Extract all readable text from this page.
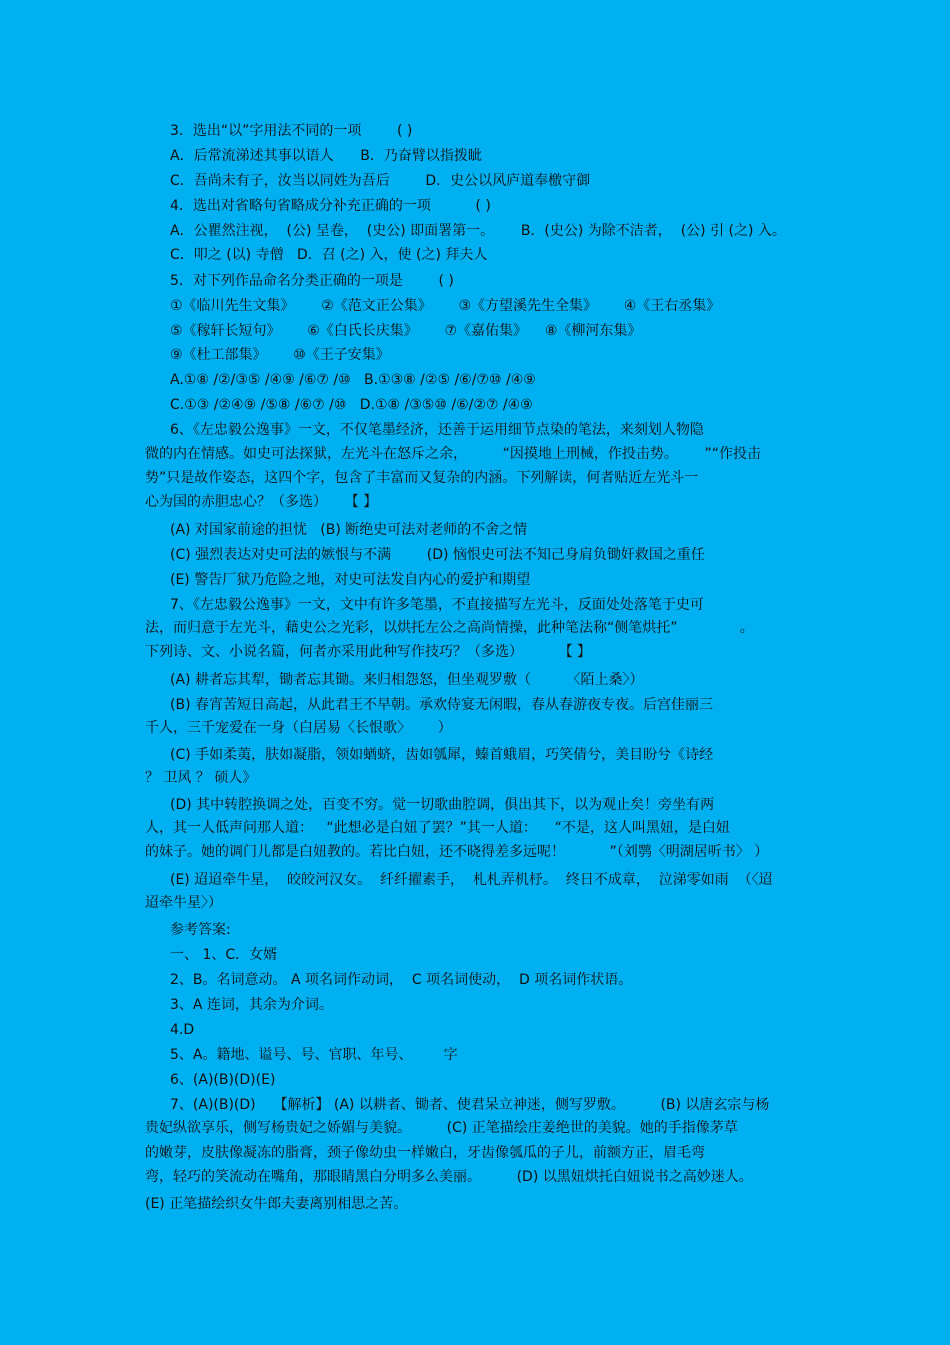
3．选出“以”字用法不同的一项        ( )
A．后常流涕述其事以语人      B．乃奋臂以指拨眦
C．吾尚未有子，汝当以同姓为吾后        D．史公以风庐道奉檄守御
4．选出对省略句省略成分补充正确的一项          ( )
A．公瞿然注视，  (公) 呈卷，  (史公) 即面署第一。      B．(史公) 为除不洁者，  (公) 引 (之) 入。
C．叩之 (以) 寺僧   D．召 (之) 入，使 (之) 拜夫人
5．对下列作品命名分类正确的一项是        ( )
①《临川先生文集》      ②《范文正公集》      ③《方望溪先生全集》      ④《王右丞集》
⑤《稼轩长短句》      ⑥《白氏长庆集》      ⑦《嘉佑集》    ⑧《柳河东集》
⑨《杜工部集》      ⑩《王子安集》
A.①⑧ /②/③⑤ /④⑨ /⑥⑦ /⑩   B.①③⑧ /②⑤ /⑥/⑦⑩ /④⑨
C.①③ /②④⑨ /⑤⑧ /⑥⑦ /⑩   D.①⑧ /③⑤⑩ /⑥/②⑦ /④⑨
6、《左忠毅公逸事》一文，不仅笔墨经济，还善于运用细节点染的笔法，来刻划人物隐
微的内在情感。如史可法探狱，左光斗在怒斥之余，        “因摸地上刑械，作投击势。      ”“作投击
势”只是故作姿态，这四个字，包含了丰富而又复杂的内涵。下列解读，何者贴近左光斗一
心为国的赤胆忠心？（多选）    【 】
(A) 对国家前途的担忧   (B) 断绝史可法对老师的不舍之情
(C) 强烈表达对史可法的嫉恨与不满        (D) 恼恨史可法不知己身肩负锄奸救国之重任
(E) 警告厂狱乃危险之地，对史可法发自内心的爱护和期望
7、《左忠毅公逸事》一文，文中有许多笔墨，不直接描写左光斗，反面处处落笔于史可
法，而归意于左光斗，藉史公之光彩，以烘托左公之高尚情操，此种笔法称“侧笔烘托”              。
下列诗、文、小说名篇，何者亦采用此种写作技巧？（多选）        【 】
(A) 耕者忘其犁，锄者忘其锄。来归相怨怒，但坐观罗敷（        〈陌上桑〉）
(B) 春宵苦短日高起，从此君王不早朝。承欢侍宴无闲暇，春从春游夜专夜。后宫佳丽三
千人，三千宠爱在一身（白居易〈长恨歌〉      ）
(C) 手如柔荑，肤如凝脂，领如蝤蛴，齿如瓠犀，螓首蛾眉，巧笑倩兮，美目盼兮《诗经
？ 卫风 ？ 硕人》
(D) 其中转腔换调之处，百变不穷。觉一切歌曲腔调，俱出其下，以为观止矣！旁坐有两
人，其一人低声问那人道：   “此想必是白妞了罢？”其一人道：    “不是，这人叫黑妞，是白妞
的妹子。她的调门儿都是白妞教的。若比白妞，还不晓得差多远呢！          ”（刘鹗〈明湖居听书〉 ）
(E) 迢迢牵牛星，  皎皎河汉女。  纤纤擢素手，  札札弄机杼。  终日不成章，  泣涕零如雨  （〈迢
迢牵牛星〉）
参考答案:
一、 1、C．女婿
2、B。名词意动。 A 项名词作动词，  C 项名词使动，  D 项名词作状语。
3、A 连词，其余为介词。
4.D
5、A。籍地、谥号、号、官职、年号、       字
6、(A)(B)(D)(E)
7、(A)(B)(D)    【解析】 (A) 以耕者、锄者、使君呆立神迷，侧写罗敷。        (B) 以唐玄宗与杨
贵妃纵欲享乐，侧写杨贵妃之娇媚与美貌。        (C) 正笔描绘庄姜绝世的美貌。她的手指像茅草
的嫩芽，皮肤像凝冻的脂膏，颈子像幼虫一样嫩白，牙齿像瓠瓜的子儿，前额方正，眉毛弯
弯，轻巧的笑流动在嘴角，那眼睛黑白分明多么美丽。        (D) 以黑妞烘托白妞说书之高妙迷人。
(E) 正笔描绘织女牛郎夫妻离别相思之苦。
